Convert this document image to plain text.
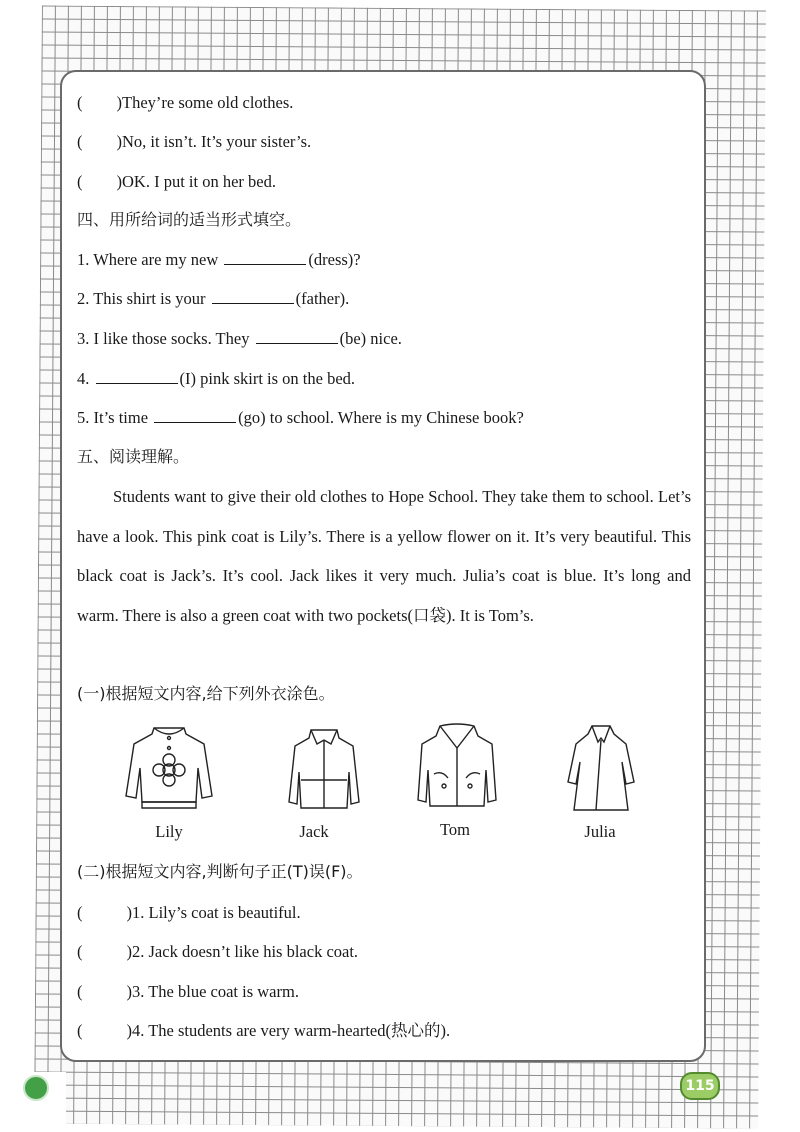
( )They’re some old clothes.
( )No, it isn’t. It’s your sister’s.
( )OK. I put it on her bed.
四、用所给词的适当形式填空。
1. Where are my new	(dress)?
2. This shirt is your	(father).
3. I like those socks. They	(be) nice.
4.	(I) pink skirt is on the bed.
5. It’s time	(go) to school. Where is my Chinese book?
五、阅读理解。
Students want to give their old clothes to Hope School. They take them to school. Let’s have a look. This pink coat is Lily’s. There is a yellow flower on it. It’s very beautiful. This black coat is Jack’s. It’s cool. Jack likes it very much. Julia’s coat is blue. It’s long and warm. There is also a green coat with two pockets(口袋). It is Tom’s.
(一)根据短文内容,给下列外衣涂色。
Lily	Jack	Tom	Julia
(二)根据短文内容,判断句子正(T)误(F)。
(	)1. Lily’s coat is beautiful.
(	)2. Jack doesn’t like his black coat.
(	)3. The blue coat is warm.
(	)4. The students are very warm-hearted(热心的).
115
